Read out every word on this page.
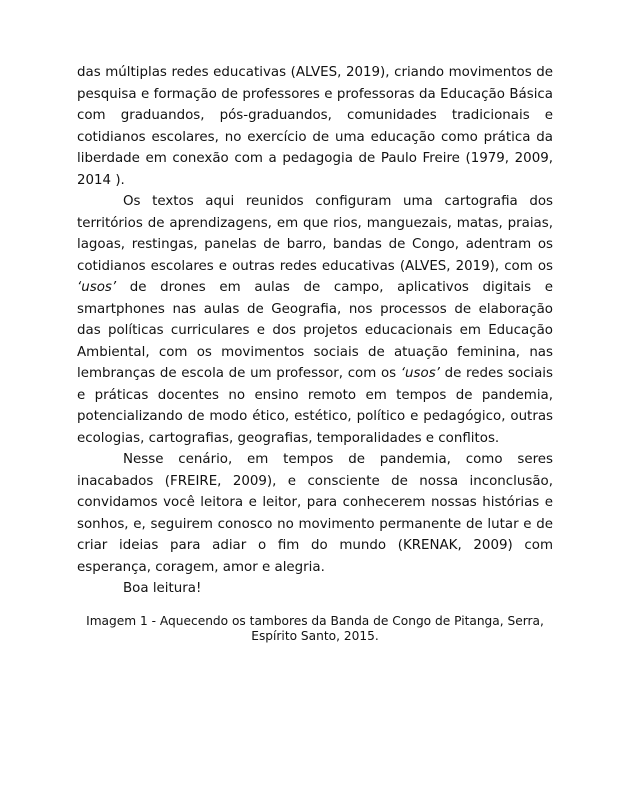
das múltiplas redes educativas (ALVES, 2019), criando movimentos de pesquisa e formação de professores e professoras da Educação Básica com graduandos, pós-graduandos, comunidades tradicionais e cotidianos escolares, no exercício de uma educação como prática da liberdade em conexão com a pedagogia de Paulo Freire (1979, 2009, 2014 ).

Os textos aqui reunidos configuram uma cartografia dos territórios de aprendizagens, em que rios, manguezais, matas, praias, lagoas, restingas, panelas de barro, bandas de Congo, adentram os cotidianos escolares e outras redes educativas (ALVES, 2019), com os ‘usos’ de drones em aulas de campo, aplicativos digitais e smartphones nas aulas de Geografia, nos processos de elaboração das políticas curriculares e dos projetos educacionais em Educação Ambiental, com os movimentos sociais de atuação feminina, nas lembranças de escola de um professor, com os ‘usos’ de redes sociais e práticas docentes no ensino remoto em tempos de pandemia, potencializando de modo ético, estético, político e pedagógico, outras ecologias, cartografias, geografias, temporalidades e conflitos.

Nesse cenário, em tempos de pandemia, como seres inacabados (FREIRE, 2009), e consciente de nossa inconclusão, convidamos você leitora e leitor, para conhecerem nossas histórias e sonhos, e, seguirem conosco no movimento permanente de lutar e de criar ideias para adiar o fim do mundo (KRENAK, 2009) com esperança, coragem, amor e alegria.

Boa leitura!

Imagem 1 - Aquecendo os tambores da Banda de Congo de Pitanga, Serra,
Espírito Santo, 2015.
